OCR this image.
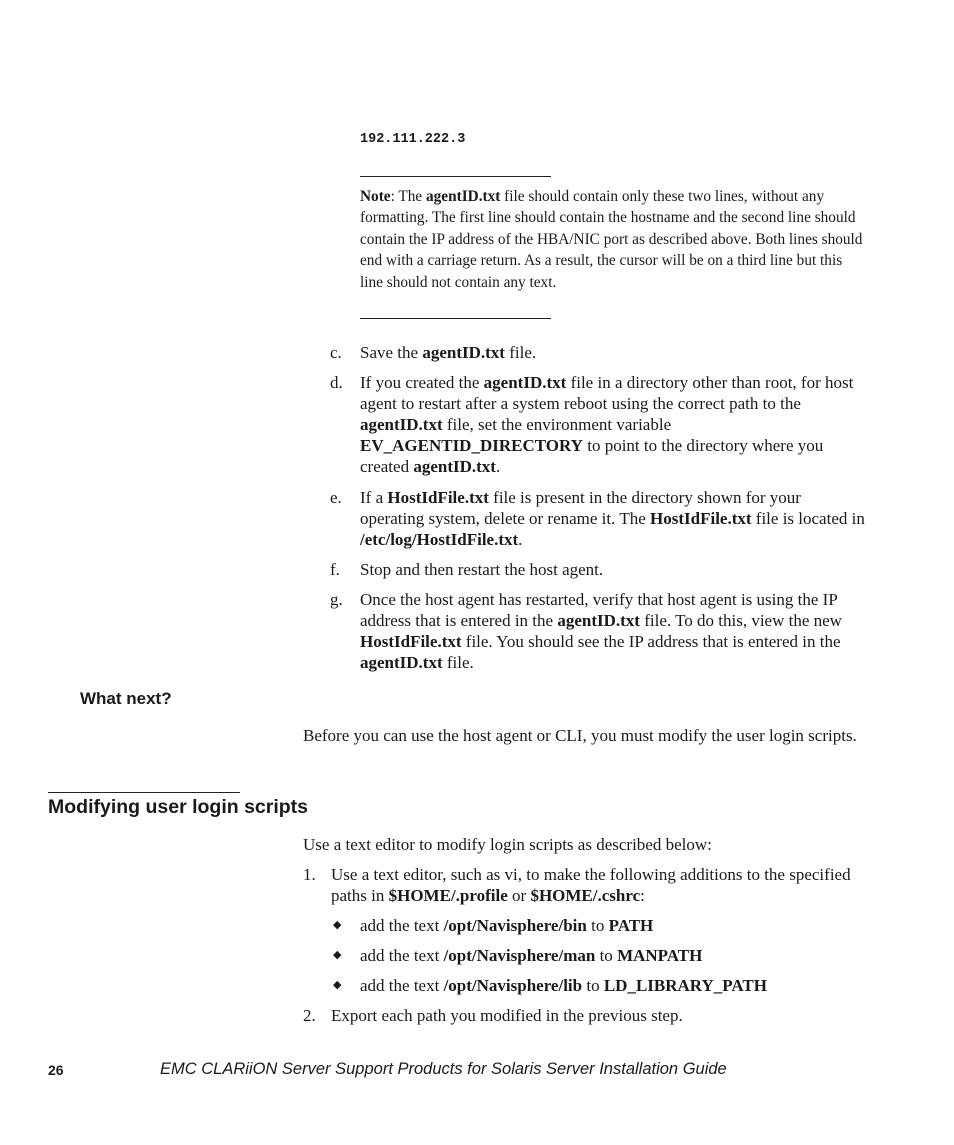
192.111.222.3
Note: The agentID.txt file should contain only these two lines, without any formatting. The first line should contain the hostname and the second line should contain the IP address of the HBA/NIC port as described above. Both lines should end with a carriage return. As a result, the cursor will be on a third line but this line should not contain any text.
c. Save the agentID.txt file.
d. If you created the agentID.txt file in a directory other than root, for host agent to restart after a system reboot using the correct path to the agentID.txt file, set the environment variable EV_AGENTID_DIRECTORY to point to the directory where you created agentID.txt.
e. If a HostIdFile.txt file is present in the directory shown for your operating system, delete or rename it. The HostIdFile.txt file is located in /etc/log/HostIdFile.txt.
f. Stop and then restart the host agent.
g. Once the host agent has restarted, verify that host agent is using the IP address that is entered in the agentID.txt file. To do this, view the new HostIdFile.txt file. You should see the IP address that is entered in the agentID.txt file.
What next?
Before you can use the host agent or CLI, you must modify the user login scripts.
Modifying user login scripts
Use a text editor to modify login scripts as described below:
1. Use a text editor, such as vi, to make the following additions to the specified paths in $HOME/.profile or $HOME/.cshrc:
◆ add the text /opt/Navisphere/bin to PATH
◆ add the text /opt/Navisphere/man to MANPATH
◆ add the text /opt/Navisphere/lib to LD_LIBRARY_PATH
2. Export each path you modified in the previous step.
26	EMC CLARiiON Server Support Products for Solaris Server Installation Guide
